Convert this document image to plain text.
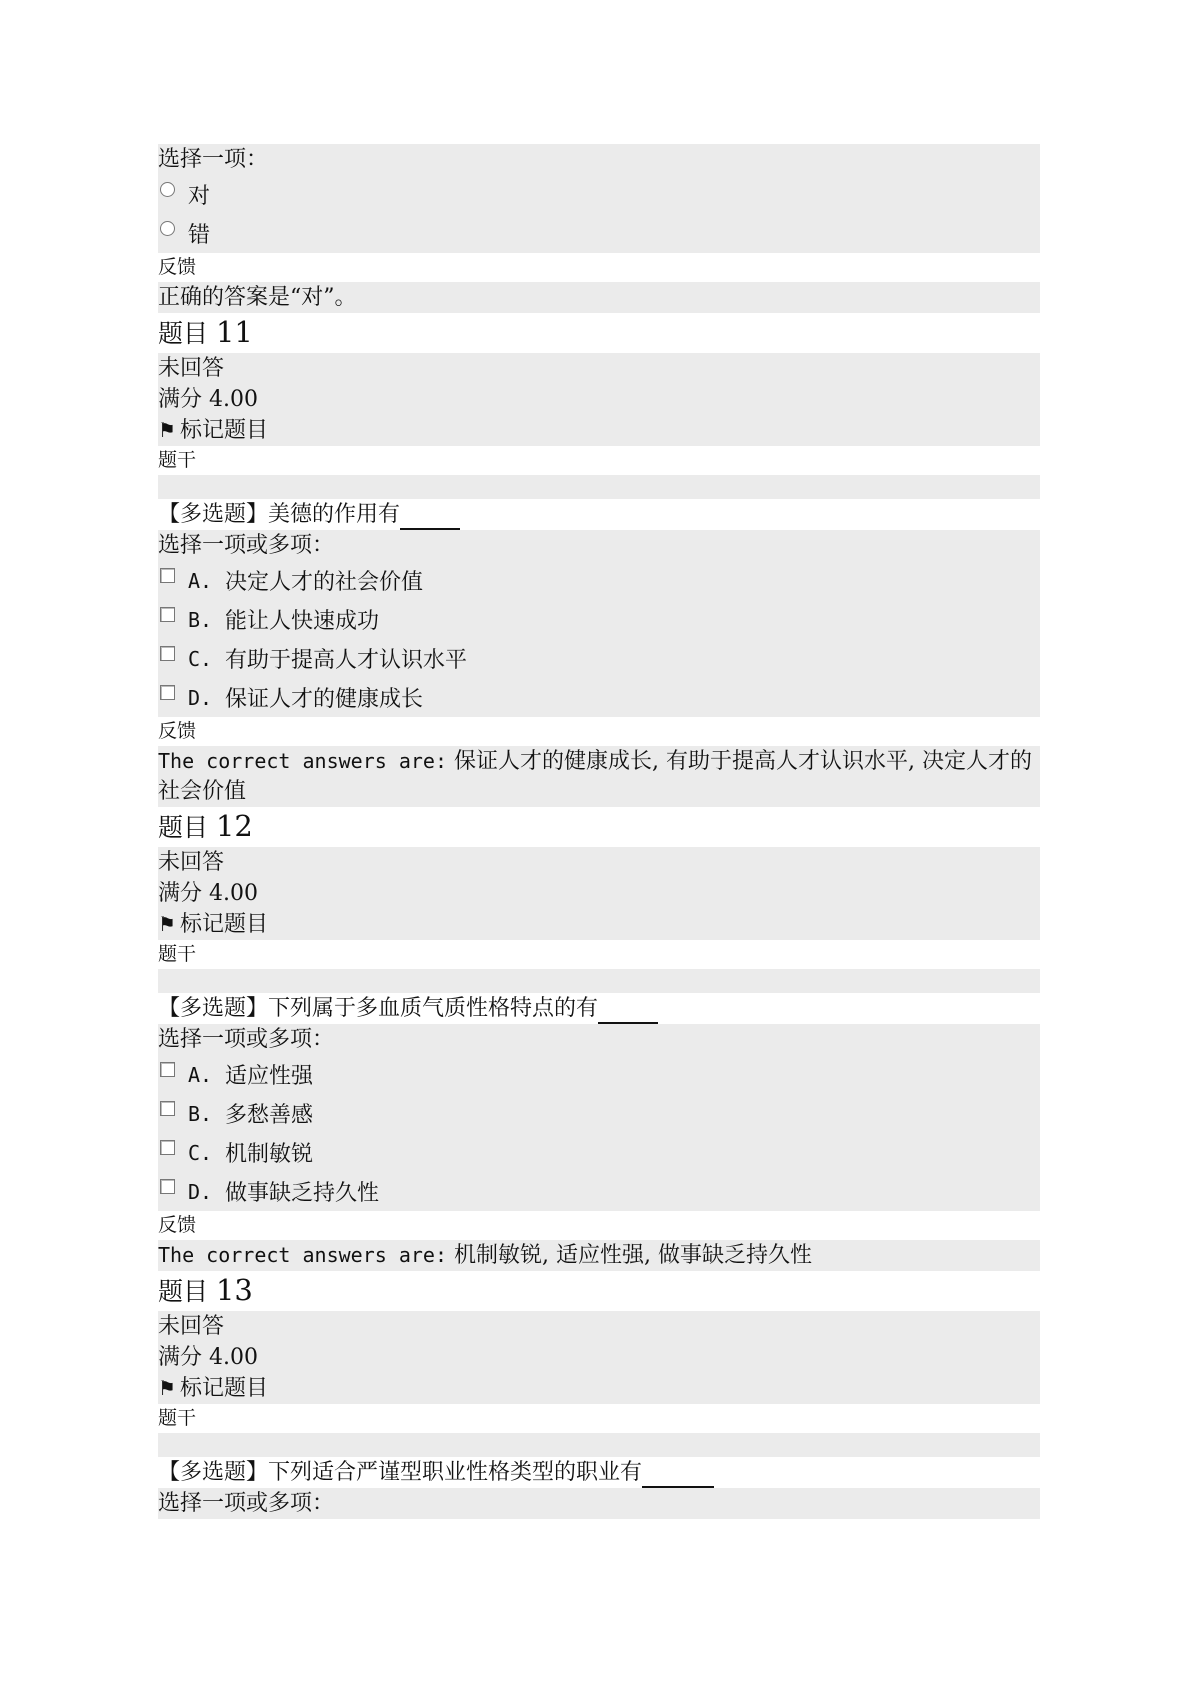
选择一项：
对
错
反馈
正确的答案是“对”。
题目 11
未回答
满分 4.00
⚑ 标记题目
题干
【多选题】美德的作用有
选择一项或多项：
A. 决定人才的社会价值
B. 能让人快速成功
C. 有助于提高人才认识水平
D. 保证人才的健康成长
反馈
The correct answers are: 保证人才的健康成长, 有助于提高人才认识水平, 决定人才的社会价值
题目 12
未回答
满分 4.00
⚑ 标记题目
题干
【多选题】下列属于多血质气质性格特点的有
选择一项或多项：
A. 适应性强
B. 多愁善感
C. 机制敏锐
D. 做事缺乏持久性
反馈
The correct answers are: 机制敏锐, 适应性强, 做事缺乏持久性
题目 13
未回答
满分 4.00
⚑ 标记题目
题干
【多选题】下列适合严谨型职业性格类型的职业有
选择一项或多项：
